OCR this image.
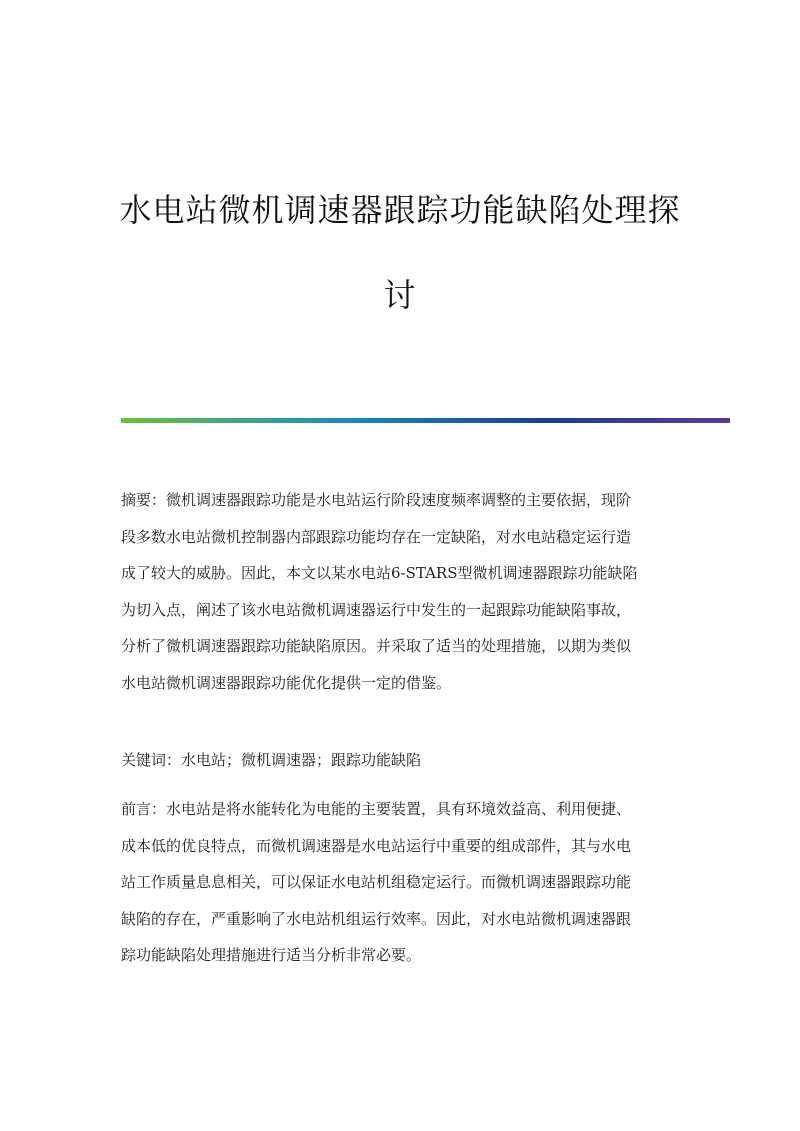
水电站微机调速器跟踪功能缺陷处理探
讨

摘要：微机调速器跟踪功能是水电站运行阶段速度频率调整的主要依据，现阶
段多数水电站微机控制器内部跟踪功能均存在一定缺陷，对水电站稳定运行造
成了较大的威胁。因此，本文以某水电站6-STARS型微机调速器跟踪功能缺陷
为切入点，阐述了该水电站微机调速器运行中发生的一起跟踪功能缺陷事故，
分析了微机调速器跟踪功能缺陷原因。并采取了适当的处理措施，以期为类似
水电站微机调速器跟踪功能优化提供一定的借鉴。

关键词：水电站；微机调速器；跟踪功能缺陷

前言：水电站是将水能转化为电能的主要装置，具有环境效益高、利用便捷、
成本低的优良特点，而微机调速器是水电站运行中重要的组成部件，其与水电
站工作质量息息相关，可以保证水电站机组稳定运行。而微机调速器跟踪功能
缺陷的存在，严重影响了水电站机组运行效率。因此，对水电站微机调速器跟
踪功能缺陷处理措施进行适当分析非常必要。
